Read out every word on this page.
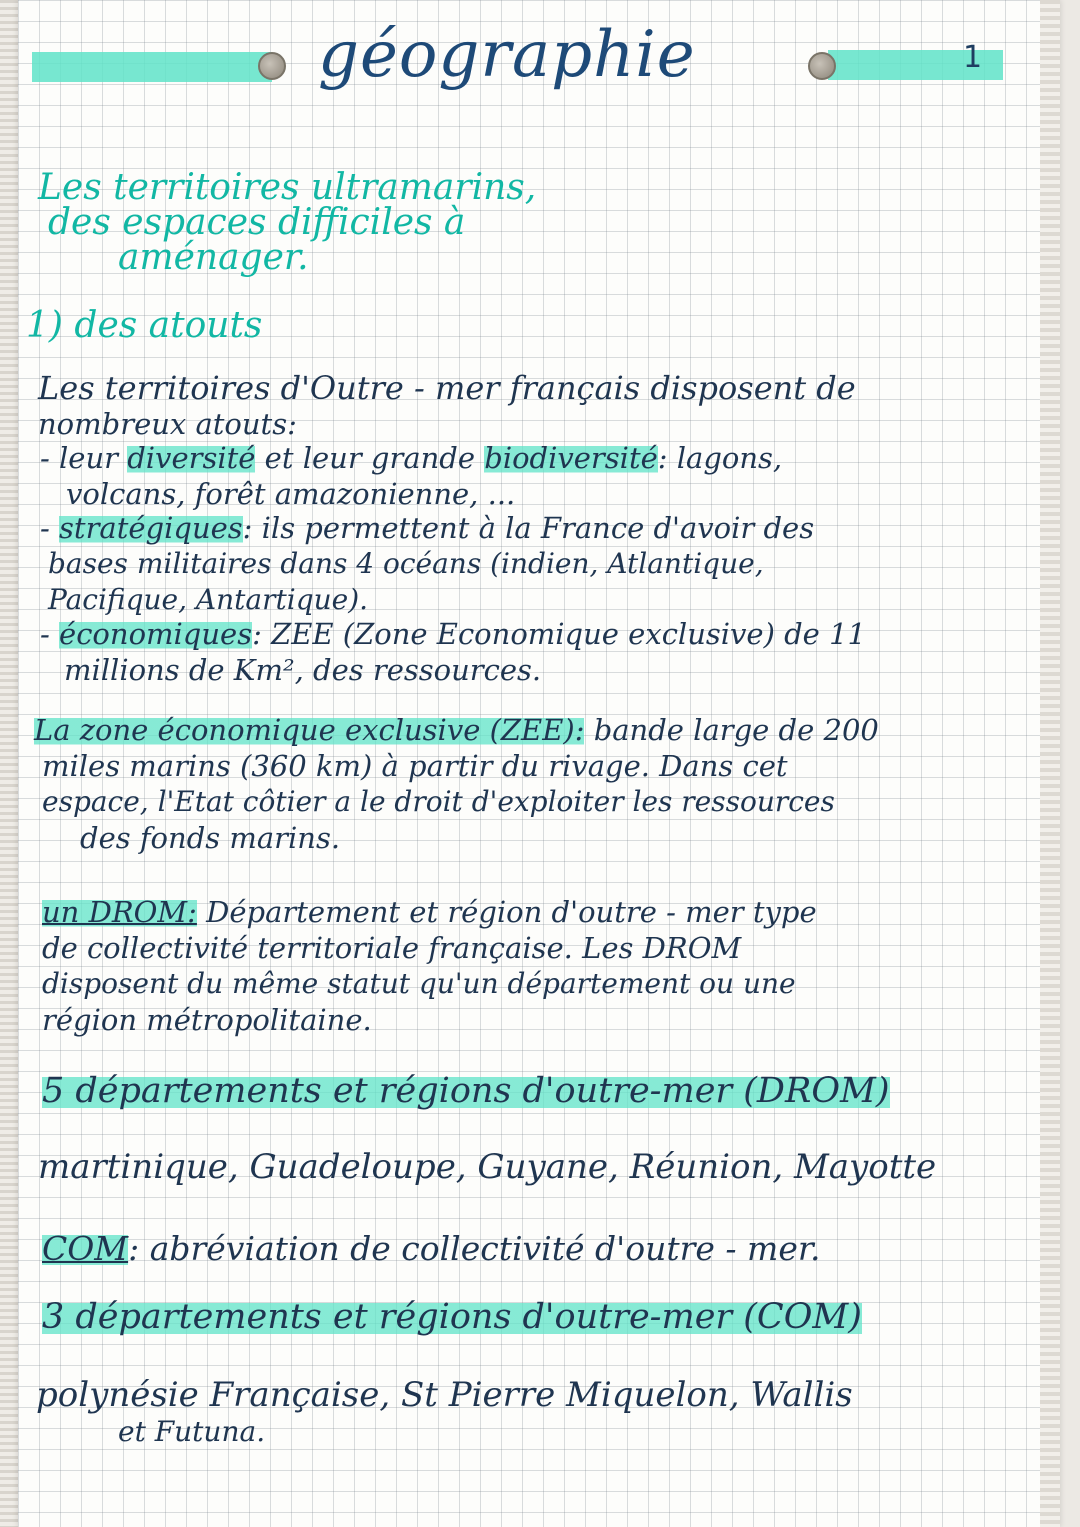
géographie	1
Les territoires ultramarins,
des espaces difficiles à
aménager.
1) des atouts
Les territoires d'Outre - mer français disposent de
nombreux atouts:
- leur diversité et leur grande biodiversité: lagons,
volcans, forêt amazonienne, ...
- stratégiques: ils permettent à la France d'avoir des
bases militaires dans 4 océans (indien, Atlantique,
Pacifique, Antartique).
- économiques: ZEE (Zone Economique exclusive) de 11
millions de Km², des ressources.
La zone économique exclusive (ZEE): bande large de 200
miles marins (360 km) à partir du rivage. Dans cet
espace, l'Etat côtier a le droit d'exploiter les ressources
des fonds marins.
un DROM: Département et région d'outre - mer type
de collectivité territoriale française. Les DROM
disposent du même statut qu'un département ou une
région métropolitaine.
5 départements et régions d'outre-mer (DROM)
martinique, Guadeloupe, Guyane, Réunion, Mayotte
COM: abréviation de collectivité d'outre - mer.
3 départements et régions d'outre-mer (COM)
polynésie Française, St Pierre Miquelon, Wallis
et Futuna.
